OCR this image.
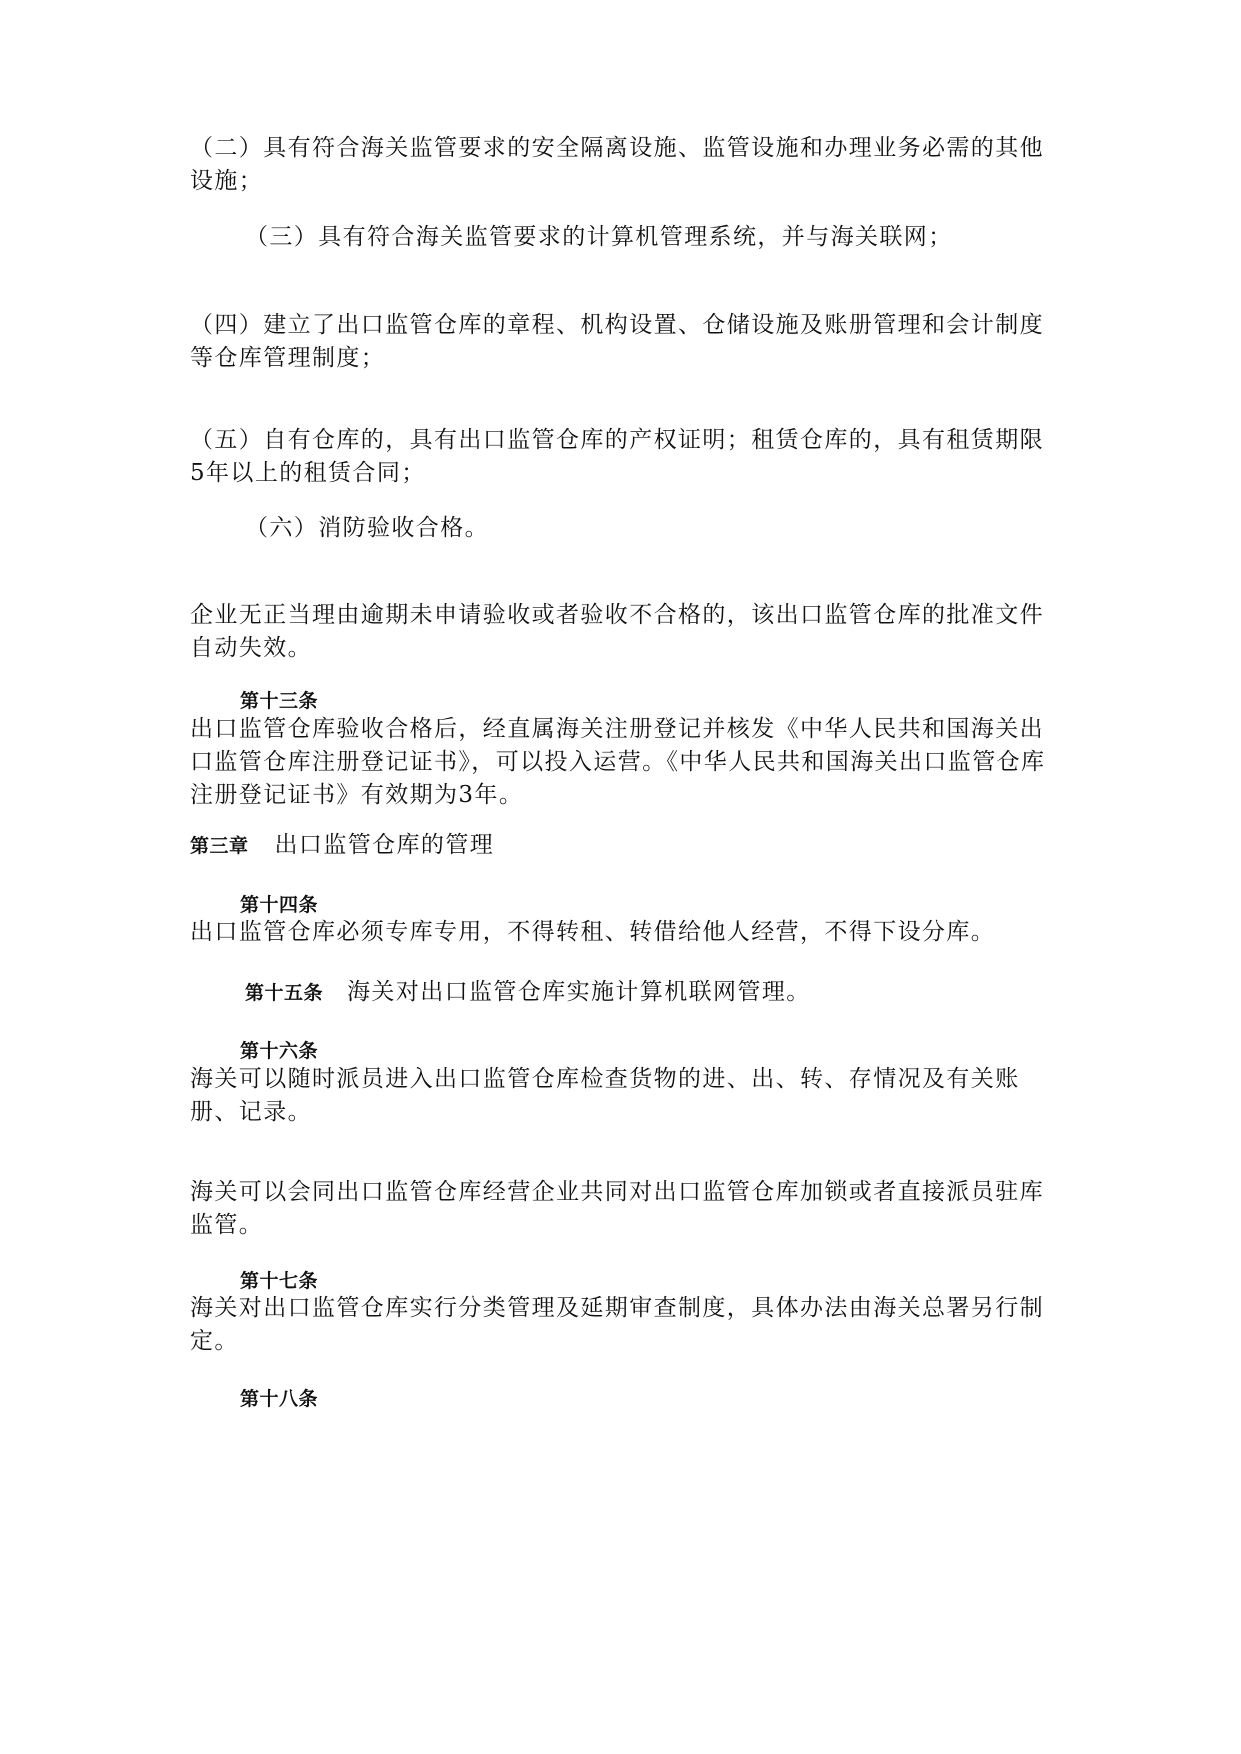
（二）具有符合海关监管要求的安全隔离设施、监管设施和办理业务必需的其他设施；
（三）具有符合海关监管要求的计算机管理系统，并与海关联网；
（四）建立了出口监管仓库的章程、机构设置、仓储设施及账册管理和会计制度等仓库管理制度；
（五）自有仓库的，具有出口监管仓库的产权证明；租赁仓库的，具有租赁期限5年以上的租赁合同；
（六）消防验收合格。
企业无正当理由逾期未申请验收或者验收不合格的，该出口监管仓库的批准文件自动失效。
第十三条
出口监管仓库验收合格后，经直属海关注册登记并核发《中华人民共和国海关出口监管仓库注册登记证书》，可以投入运营。《中华人民共和国海关出口监管仓库注册登记证书》有效期为3年。
第三章 出口监管仓库的管理
第十四条
出口监管仓库必须专库专用，不得转租、转借给他人经营，不得下设分库。
第十五条 海关对出口监管仓库实施计算机联网管理。
第十六条
海关可以随时派员进入出口监管仓库检查货物的进、出、转、存情况及有关账册、记录。
海关可以会同出口监管仓库经营企业共同对出口监管仓库加锁或者直接派员驻库监管。
第十七条
海关对出口监管仓库实行分类管理及延期审查制度，具体办法由海关总署另行制定。
第十八条
